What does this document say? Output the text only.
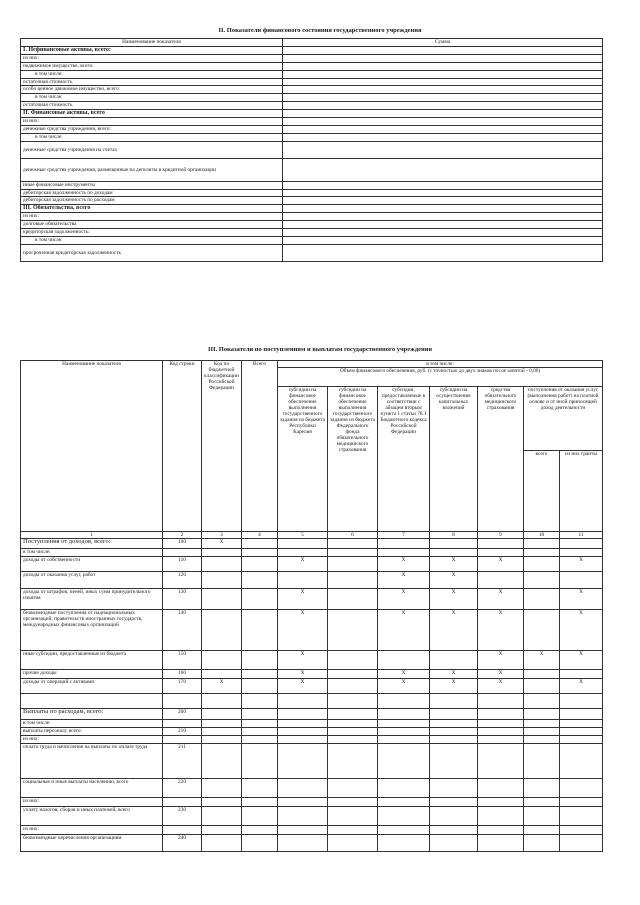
II. Показатели финансового состояния государственного учреждения
Наименование показателя	Сумма
I. Нефинансовые активы, всего:	
из них:	
недвижимое имущество, всего:	
в том числе:	
остаточная стоимость	
особо ценное движимое имущество, всего:	
в том числе:	
остаточная стоимость	
II. Финансовые активы, всего	
из них:	
денежные средства учреждения, всего:	
в том числе:	
денежные средства учреждения на счетах	
денежные средства учреждения, размещенные на депозиты в кредитной организации	
иные финансовые инструменты	
дебиторская задолженность по доходам	
дебиторская задолженность по расходам	
III. Обязательства, всего	
из них:	
долговые обязательства	
кредиторская задолженность:	
в том числе:	
просроченная кредиторская задолженность	
III. Показатели по поступлениям и выплатам государственного учреждения
Наименование показателя	Код строки	Код по бюджетной классификации Российской Федерации	Всего	в том числе:						
				Объем финансового обеспечения, руб. (с точностью до двух знаков после запятой - 0,00)						
				субсидии на финансовое обеспечение выполнения государственного задания из бюджета Республики Карелия	субсидии на финансовое обеспечение выполнения государственного задания из бюджета Федерального фонда обязательного медицинского страхования	субсидии, предоставляемые в соответствии с абзацем вторым пункта 1 статьи 78.1 Бюджетного кодекса Российской Федерации	субсидии на осуществление капитальных вложений	средства обязательного медицинского страхования	поступления от оказания услуг (выполнения работ) на платной основе и от иной приносящей доход деятельности	
									всего	из них гранты
1	2	3	4	5	6	7	8	9	10	11
Поступления от доходов, всего:	100	X								
в том числе:										
доходы от собственности	110			X		X	X	X		X
доходы от оказания услуг, работ	120					X	X			
доходы от штрафов, пеней, иных сумм принудительного изъятия	130			X		X	X	X		X
безвозмездные поступления от наднациональных организаций, правительств иностранных государств, международных финансовых организаций	140			X		X	X	X		X
иные субсидии, предоставленные из бюджета	150			X				X	X	X
прочие доходы	160			X		X	X	X		
доходы от операций с активами	170	X		X		X	X	X		X

Выплаты по расходам, всего:	200									
в том числе:										
выплаты персоналу всего:	210									
из них:										
оплата труда и начисления на выплаты по оплате труда	211									
социальные и иные выплаты населению, всего	220									
из них:										
уплату налогов, сборов и иных платежей, всего	230									
из них:										
безвозмездные перечисления организациям	240									
